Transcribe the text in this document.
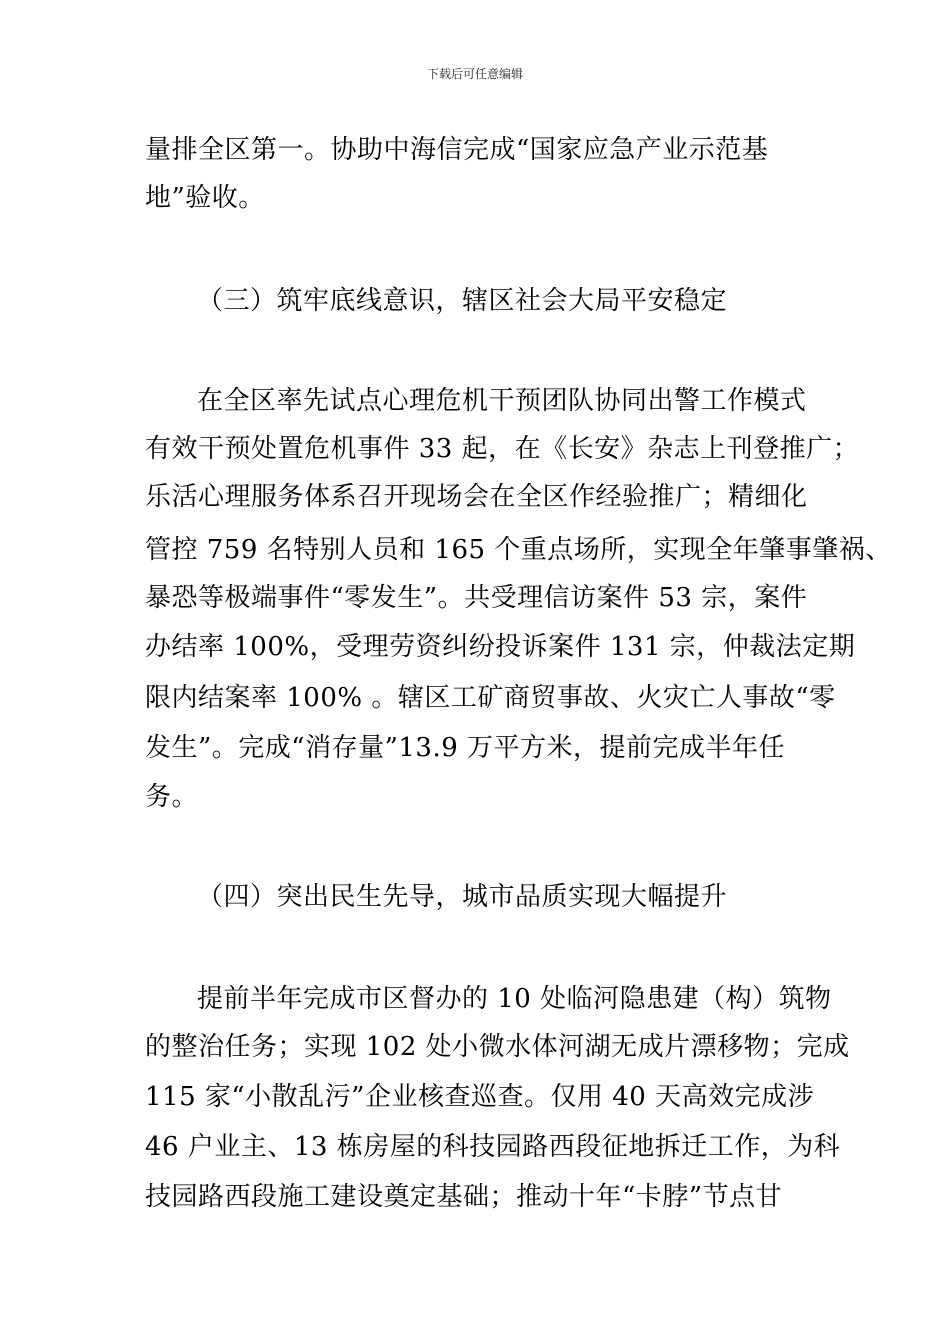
下载后可任意编辑
量排全区第一。协助中海信完成“国家应急产业示范基
地”验收。
（三）筑牢底线意识，辖区社会大局平安稳定
在全区率先试点心理危机干预团队协同出警工作模式
有效干预处置危机事件 33 起，在《长安》杂志上刊登推广；
乐活心理服务体系召开现场会在全区作经验推广；精细化
管控 759 名特别人员和 165 个重点场所，实现全年肇事肇祸、
暴恐等极端事件“零发生”。共受理信访案件 53 宗，案件
办结率 100%，受理劳资纠纷投诉案件 131 宗，仲裁法定期
限内结案率 100% 。辖区工矿商贸事故、火灾亡人事故“零
发生”。完成“消存量”13.9 万平方米，提前完成半年任
务。
（四）突出民生先导，城市品质实现大幅提升
提前半年完成市区督办的 10 处临河隐患建（构）筑物
的整治任务；实现 102 处小微水体河湖无成片漂移物；完成
115 家“小散乱污”企业核查巡查。仅用 40 天高效完成涉
46 户业主、13 栋房屋的科技园路西段征地拆迁工作，为科
技园路西段施工建设奠定基础；推动十年“卡脖”节点甘
